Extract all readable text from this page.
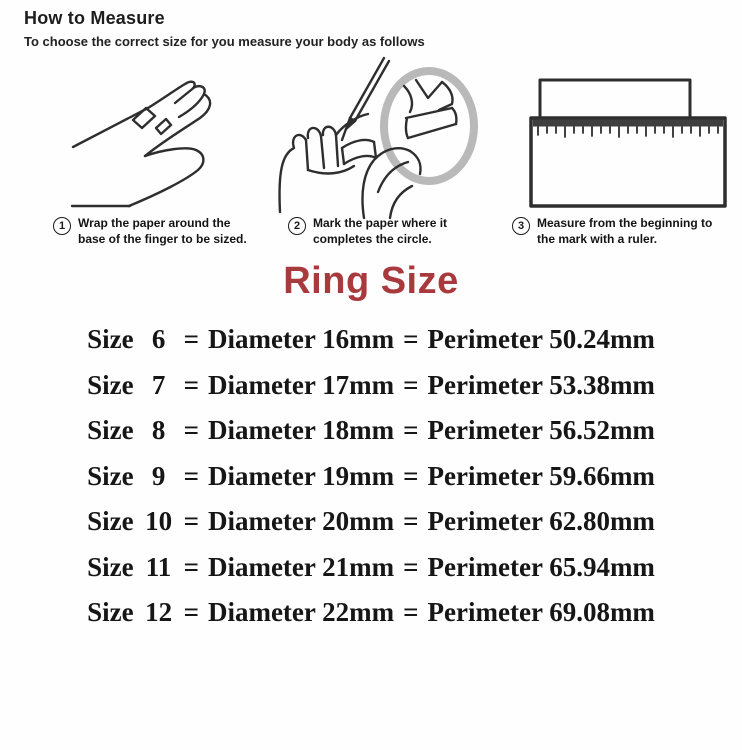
How to Measure

To choose the correct size for you measure your body as follows

1	Wrap the paper around the
base of the finger to be sized.
2	Mark the paper where it
completes the circle.
3	Measure from the beginning to
the mark with a ruler.
Ring Size
Size 6 = Diameter 16mm = Perimeter 50.24mm
Size 7 = Diameter 17mm = Perimeter 53.38mm
Size 8 = Diameter 18mm = Perimeter 56.52mm
Size 9 = Diameter 19mm = Perimeter 59.66mm
Size 10 = Diameter 20mm = Perimeter 62.80mm
Size 11 = Diameter 21mm = Perimeter 65.94mm
Size 12 = Diameter 22mm = Perimeter 69.08mm
